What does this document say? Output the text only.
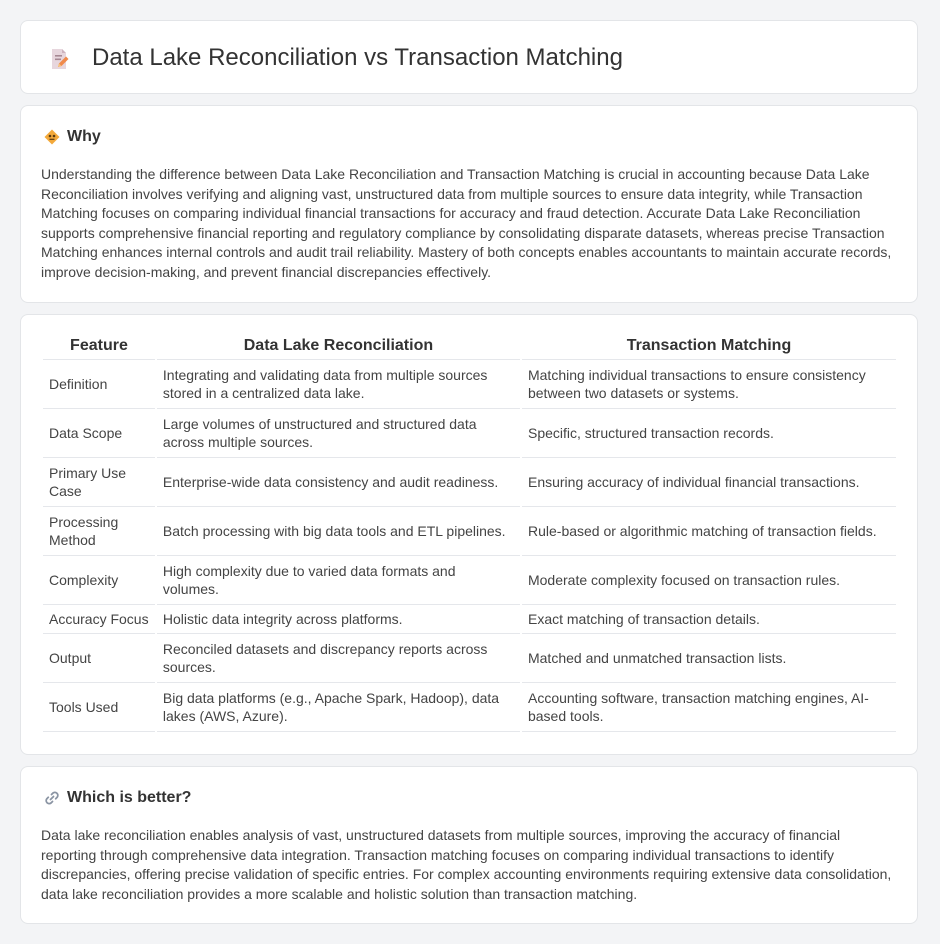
Data Lake Reconciliation vs Transaction Matching
Why

Understanding the difference between Data Lake Reconciliation and Transaction Matching is crucial in accounting because Data Lake Reconciliation involves verifying and aligning vast, unstructured data from multiple sources to ensure data integrity, while Transaction Matching focuses on comparing individual financial transactions for accuracy and fraud detection. Accurate Data Lake Reconciliation supports comprehensive financial reporting and regulatory compliance by consolidating disparate datasets, whereas precise Transaction Matching enhances internal controls and audit trail reliability. Mastery of both concepts enables accountants to maintain accurate records, improve decision-making, and prevent financial discrepancies effectively.

Feature	Data Lake Reconciliation	Transaction Matching
Definition	Integrating and validating data from multiple sources stored in a centralized data lake.	Matching individual transactions to ensure consistency between two datasets or systems.
Data Scope	Large volumes of unstructured and structured data across multiple sources.	Specific, structured transaction records.
Primary Use Case	Enterprise-wide data consistency and audit readiness.	Ensuring accuracy of individual financial transactions.
Processing Method	Batch processing with big data tools and ETL pipelines.	Rule-based or algorithmic matching of transaction fields.
Complexity	High complexity due to varied data formats and volumes.	Moderate complexity focused on transaction rules.
Accuracy Focus	Holistic data integrity across platforms.	Exact matching of transaction details.
Output	Reconciled datasets and discrepancy reports across sources.	Matched and unmatched transaction lists.
Tools Used	Big data platforms (e.g., Apache Spark, Hadoop), data lakes (AWS, Azure).	Accounting software, transaction matching engines, AI-based tools.
Which is better?

Data lake reconciliation enables analysis of vast, unstructured datasets from multiple sources, improving the accuracy of financial reporting through comprehensive data integration. Transaction matching focuses on comparing individual transactions to identify discrepancies, offering precise validation of specific entries. For complex accounting environments requiring extensive data consolidation, data lake reconciliation provides a more scalable and holistic solution than transaction matching.
